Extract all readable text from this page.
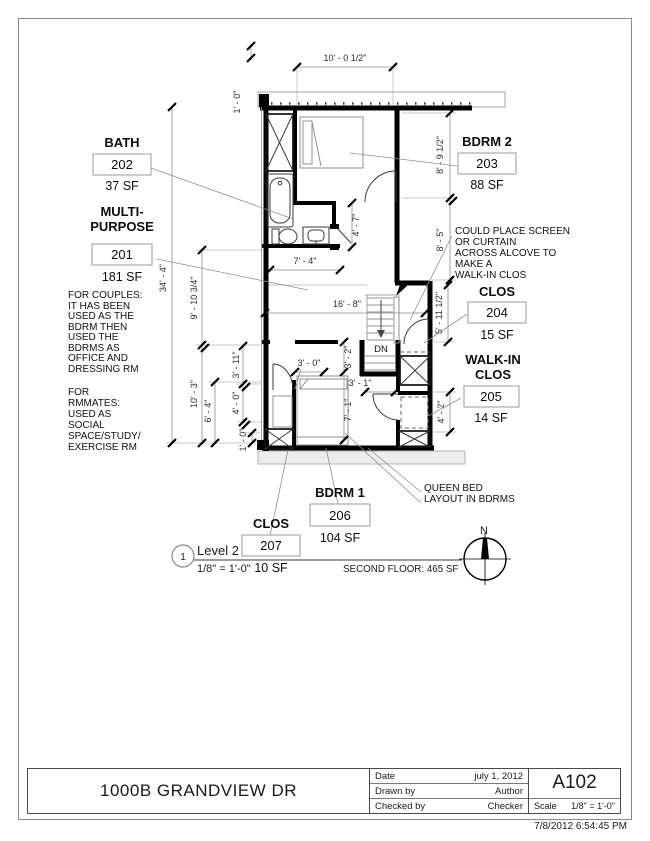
DN
10' - 0 1/2"
1' - 0"
34' - 4" 9' - 10 3/4"
10' - 3"
6' - 4"
3' - 11"
4' - 0"
1' - 0"
8' - 9 1/2"
8' - 5"
5' - 11 1/2"
4' - 2"
7' - 4"
4' - 7"
16' - 8"
3' - 0"	3' - 2"
3' - 1"
7' - 1"
BATH
202
37 SF
MULTI-
PURPOSE
201
181 SF
BDRM 2
203
88 SF
CLOS
204
15 SF
WALK-IN
CLOS
205
14 SF
BDRM 1
206
104 SF
CLOS
207
10 SF
FOR COUPLES:
IT HAS BEEN
USED AS THE
BDRM THEN
USED THE
BDRMS AS
OFFICE AND
DRESSING RM
FOR
RMMATES:
USED AS
SOCIAL
SPACE/STUDY/
EXERCISE RM
COULD PLACE SCREEN
OR CURTAIN
ACROSS ALCOVE TO
MAKE A
WALK-IN CLOS
QUEEN BED
LAYOUT IN BDRMS
1 Level 2
1/8" = 1'-0"	SECOND FLOOR: 465 SF
N
1000B GRANDVIEW DR
Date	july 1, 2012
Drawn by	Author
Checked by	Checker
A102
Scale 1/8" = 1'-0"
7/8/2012 6:54:45 PM
